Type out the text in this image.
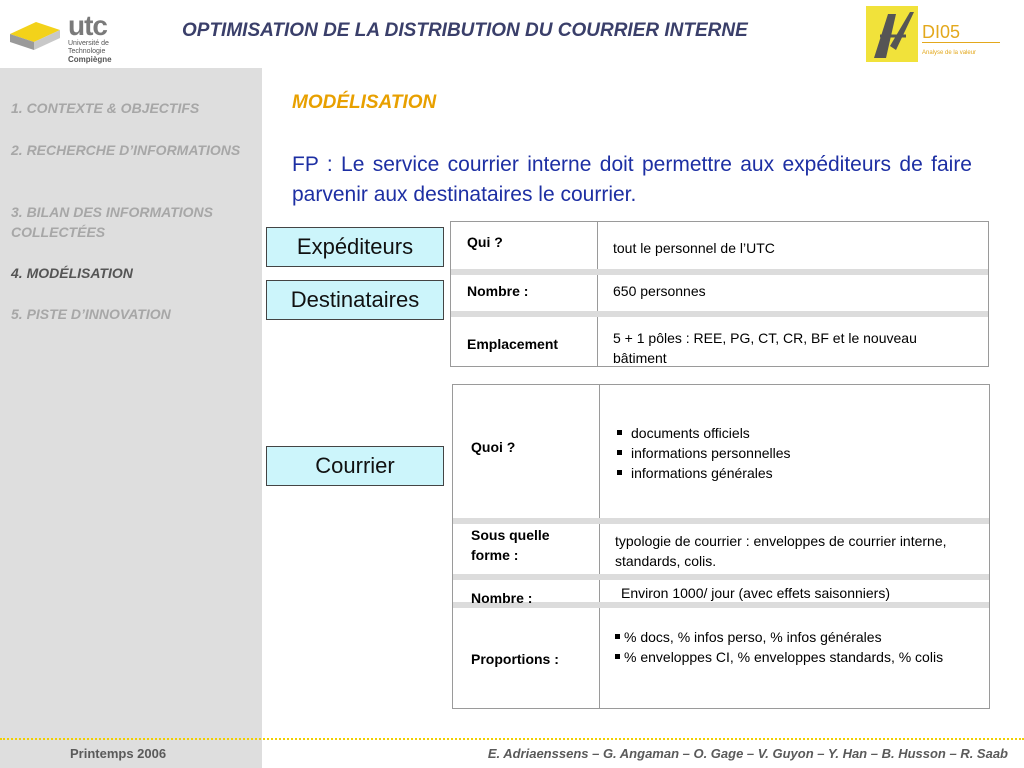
utc
Université de Technologie
Compiègne
OPTIMISATION DE LA DISTRIBUTION DU COURRIER INTERNE	DI05
Analyse de la valeur
1. CONTEXTE & OBJECTIFS
2. RECHERCHE D’INFORMATIONS
3. BILAN DES INFORMATIONS COLLECTÉES
4. MODÉLISATION
5. PISTE D’INNOVATION
MODÉLISATION
FP : Le service courrier interne doit permettre aux expéditeurs de faire parvenir aux destinataires le courrier.
Expéditeurs
Destinataires
Courrier
Qui ?	tout le personnel de l’UTC
Nombre :	650 personnes
Emplacement	5 + 1 pôles : REE, PG, CT, CR, BF et le nouveau bâtiment
Quoi ?
documents officiels
informations personnelles
informations générales
Sous quelle forme :
typologie de courrier : enveloppes de courrier interne, standards, colis.
Nombre :	Environ 1000/ jour (avec effets saisonniers)
Proportions :
% docs, % infos perso, % infos générales
% enveloppes CI, % enveloppes standards, % colis
Printemps 2006	E. Adriaenssens – G. Angaman – O. Gage – V. Guyon – Y. Han – B. Husson – R. Saab
